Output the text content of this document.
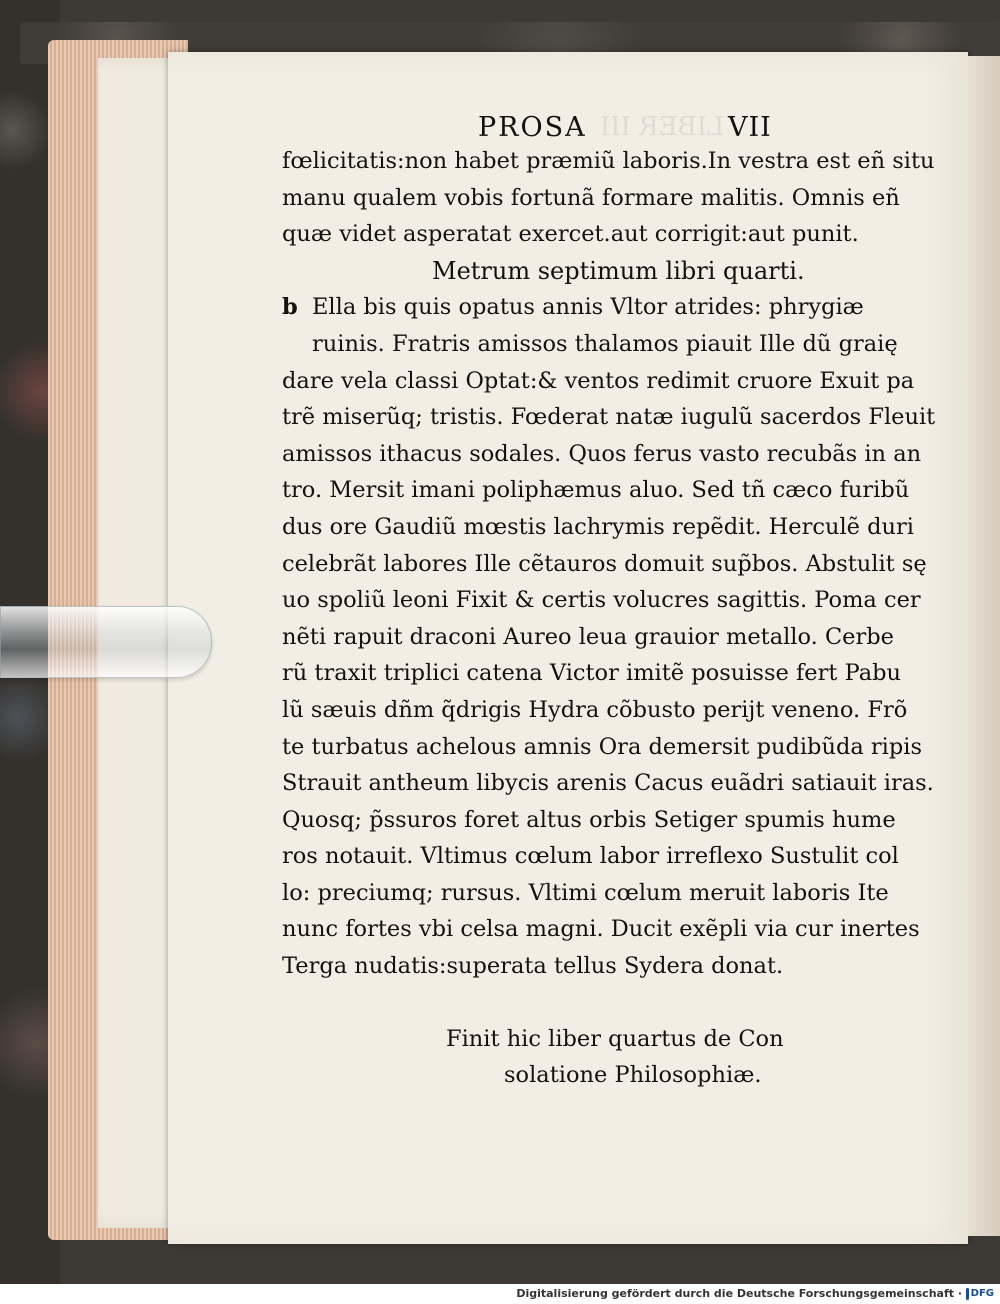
LIBER III
PROSA	VII
fœlicitatis:non habet præmiũ laboris.In vestra est eñ situ
manu qualem vobis fortunã formare malitis. Omnis eñ
quæ videt asperatat exercet.aut corrigit:aut punit.
Metrum septimum libri quarti.
b Ella bis quis opatus annis Vltor atrides: phrygiæ
ruinis. Fratris amissos thalamos piauit Ille dũ graię
dare vela classi Optat:& ventos redimit cruore Exuit pa
trẽ miserũq; tristis. Fœderat natæ iugulũ sacerdos Fleuit
amissos ithacus sodales. Quos ferus vasto recubãs in an
tro. Mersit imani poliphæmus aluo. Sed tñ cæco furibũ
dus ore Gaudiũ mœstis lachrymis repẽdit. Herculẽ duri
celebrãt labores Ille cẽtauros domuit sup̃bos. Abstulit sę
uo spoliũ leoni Fixit & certis volucres sagittis. Poma cer
nẽti rapuit draconi Aureo leua grauior metallo. Cerbe
rũ traxit triplici catena Victor imitẽ posuisse fert Pabu
lũ sæuis dñm q̃drigis Hydra cõbusto perijt veneno. Frõ
te turbatus achelous amnis Ora demersit pudibũda ripis
Strauit antheum libycis arenis Cacus euãdri satiauit iras.
Quosq; p̃ssuros foret altus orbis Setiger spumis hume
ros notauit. Vltimus cœlum labor irreflexo Sustulit col
lo: preciumq; rursus. Vltimi cœlum meruit laboris Ite
nunc fortes vbi celsa magni. Ducit exẽpli via cur inertes
Terga nudatis:superata tellus Sydera donat.
Finit hic liber quartus de Con
solatione Philosophiæ.
Digitalisierung gefördert durch die Deutsche Forschungsgemeinschaft · DFG
